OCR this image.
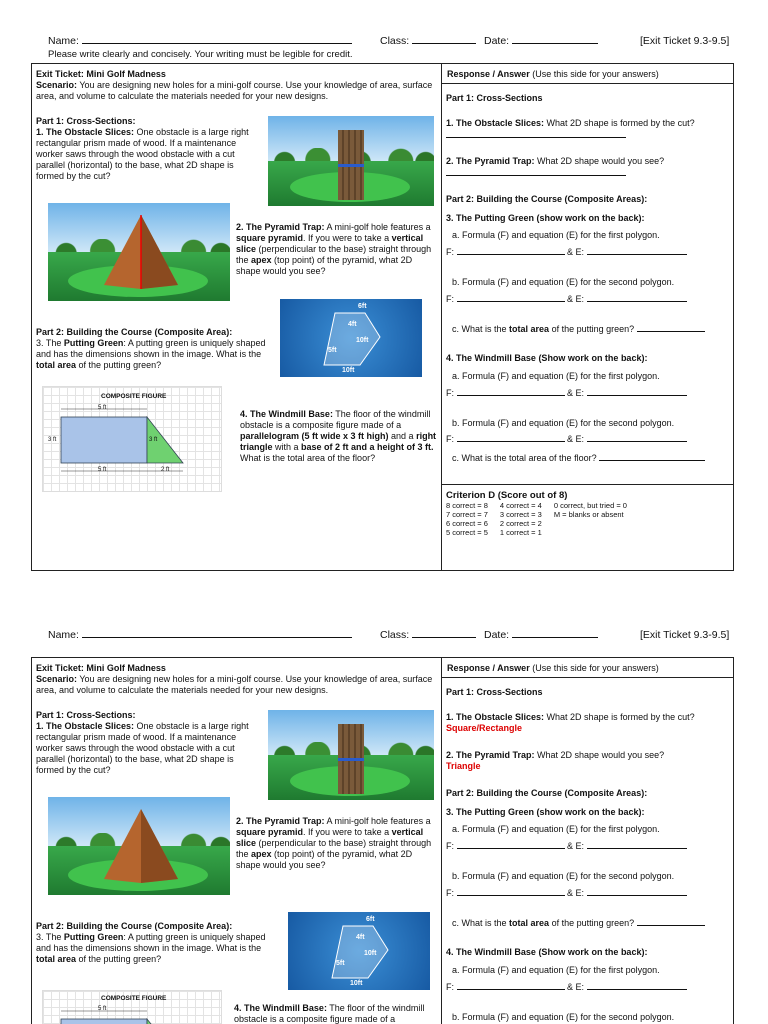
Name:	Class:	Date:	[Exit Ticket 9.3-9.5]
Please write clearly and concisely. Your writing must be legible for credit.
Exit Ticket: Mini Golf Madness
Scenario: You are designing new holes for a mini-golf course. Use your knowledge of area, surface area, and volume to calculate the materials needed for your new designs.
Part 1: Cross-Sections:
1. The Obstacle Slices: One obstacle is a large right rectangular prism made of wood. If a maintenance worker saws through the wood obstacle with a cut parallel (horizontal) to the base, what 2D shape is formed by the cut?
2. The Pyramid Trap: A mini-golf hole features a square pyramid. If you were to take a vertical slice (perpendicular to the base) straight through the apex (top point) of the pyramid, what 2D shape would you see?
Part 2: Building the Course (Composite Area):
3. The Putting Green: A putting green is uniquely shaped and has the dimensions shown in the image. What is the total area of the putting green?
6ft
4ft
10ft
5ft
10ft
COMPOSITE FIGURE
5 ft
3 ft	3 ft
5 ft	2 ft
4. The Windmill Base: The floor of the windmill obstacle is a composite figure made of a parallelogram (5 ft wide x 3 ft high) and a right triangle with a base of 2 ft and a height of 3 ft. What is the total area of the floor?
Response / Answer (Use this side for your answers)
Part 1: Cross-Sections
1. The Obstacle Slices: What 2D shape is formed by the cut?

2. The Pyramid Trap: What 2D shape would you see?

Part 2: Building the Course (Composite Areas):
3. The Putting Green (show work on the back):
a. Formula (F) and equation (E) for the first polygon.
F:	& E:
b. Formula (F) and equation (E) for the second polygon.
F:	& E:
c. What is the total area of the putting green?
4. The Windmill Base (Show work on the back):
a. Formula (F) and equation (E) for the first polygon.
F:	& E:
b. Formula (F) and equation (E) for the second polygon.
F:	& E:
c. What is the total area of the floor?
Criterion D (Score out of 8)
8 correct = 8	4 correct = 4	0 correct, but tried = 0
7 correct = 7	3 correct = 3	M = blanks or absent
6 correct = 6	2 correct = 2	
5 correct = 5	1 correct = 1	
Name:	Class:	Date:	[Exit Ticket 9.3-9.5]
Exit Ticket: Mini Golf Madness
Scenario: You are designing new holes for a mini-golf course. Use your knowledge of area, surface area, and volume to calculate the materials needed for your new designs.
Part 1: Cross-Sections:
1. The Obstacle Slices: One obstacle is a large right rectangular prism made of wood. If a maintenance worker saws through the wood obstacle with a cut parallel (horizontal) to the base, what 2D shape is formed by the cut?
2. The Pyramid Trap: A mini-golf hole features a square pyramid. If you were to take a vertical slice (perpendicular to the base) straight through the apex (top point) of the pyramid, what 2D shape would you see?
Part 2: Building the Course (Composite Area):
3. The Putting Green: A putting green is uniquely shaped and has the dimensions shown in the image. What is the total area of the putting green?
6ft
4ft
10ft
5ft
10ft
COMPOSITE FIGURE
5 ft	4. The Windmill Base: The floor of the windmill obstacle is a composite figure made of a
Response / Answer (Use this side for your answers)
Part 1: Cross-Sections
1. The Obstacle Slices: What 2D shape is formed by the cut?
Square/Rectangle
2. The Pyramid Trap: What 2D shape would you see?
Triangle
Part 2: Building the Course (Composite Areas):
3. The Putting Green (show work on the back):
a. Formula (F) and equation (E) for the first polygon.
F:	& E:
b. Formula (F) and equation (E) for the second polygon.
F:	& E:
c. What is the total area of the putting green?
4. The Windmill Base (Show work on the back):
a. Formula (F) and equation (E) for the first polygon.
F:	& E:
b. Formula (F) and equation (E) for the second polygon.
